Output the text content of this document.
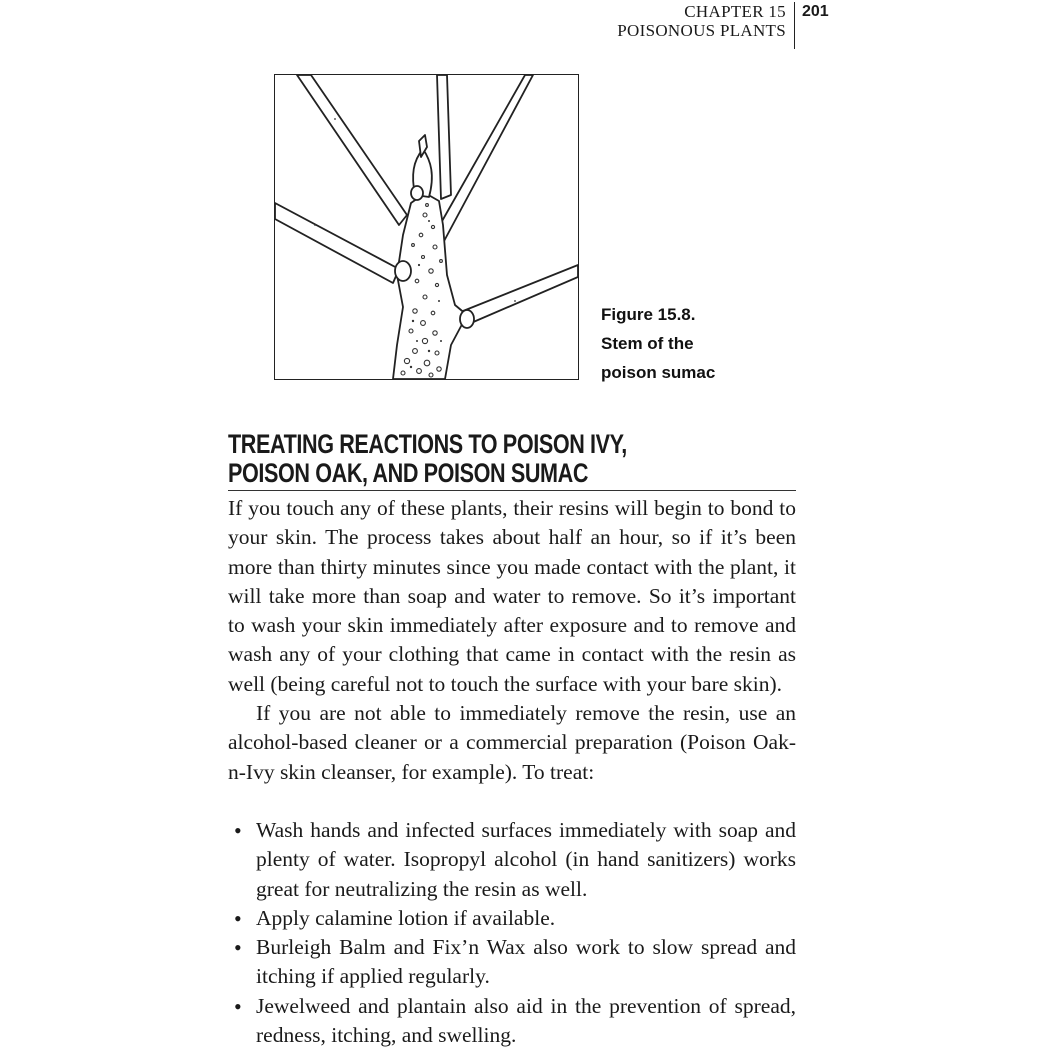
CHAPTER 15
POISONOUS PLANTS
201
Figure 15.8.
Stem of the
poison sumac
TREATING REACTIONS TO POISON IVY, POISON OAK, AND POISON SUMAC

If you touch any of these plants, their resins will begin to bond to your skin. The process takes about half an hour, so if it’s been more than thirty minutes since you made contact with the plant, it will take more than soap and water to remove. So it’s important to wash your skin immediately after exposure and to remove and wash any of your clothing that came in contact with the resin as well (being careful not to touch the surface with your bare skin).

If you are not able to immediately remove the resin, use an alcohol-based cleaner or a commercial preparation (Poison Oak-n-Ivy skin cleanser, for example). To treat:

• Wash hands and infected surfaces immediately with soap and plenty of water. Isopropyl alcohol (in hand sanitizers) works great for neutralizing the resin as well.
• Apply calamine lotion if available.
• Burleigh Balm and Fix’n Wax also work to slow spread and itching if applied regularly.
• Jewelweed and plantain also aid in the prevention of spread, redness, itching, and swelling.
